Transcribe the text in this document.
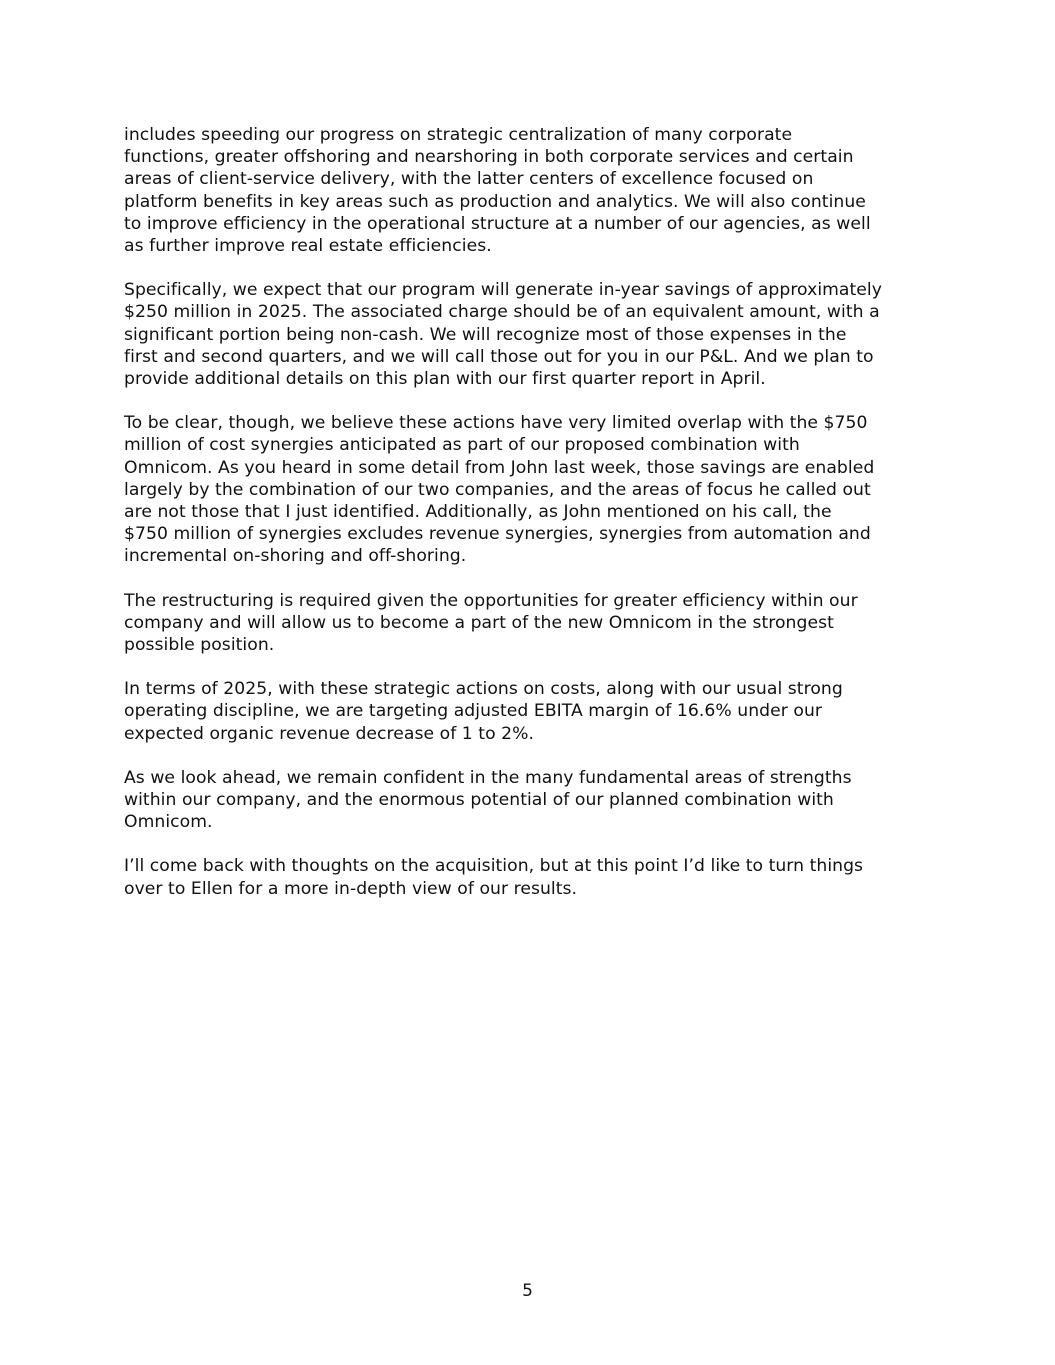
includes speeding our progress on strategic centralization of many corporate
functions, greater offshoring and nearshoring in both corporate services and certain
areas of client-service delivery, with the latter centers of excellence focused on
platform benefits in key areas such as production and analytics. We will also continue
to improve efficiency in the operational structure at a number of our agencies, as well
as further improve real estate efficiencies.

Specifically, we expect that our program will generate in-year savings of approximately
$250 million in 2025. The associated charge should be of an equivalent amount, with a
significant portion being non-cash. We will recognize most of those expenses in the
first and second quarters, and we will call those out for you in our P&L. And we plan to
provide additional details on this plan with our first quarter report in April.

To be clear, though, we believe these actions have very limited overlap with the $750
million of cost synergies anticipated as part of our proposed combination with
Omnicom. As you heard in some detail from John last week, those savings are enabled
largely by the combination of our two companies, and the areas of focus he called out
are not those that I just identified. Additionally, as John mentioned on his call, the
$750 million of synergies excludes revenue synergies, synergies from automation and
incremental on-shoring and off-shoring.

The restructuring is required given the opportunities for greater efficiency within our
company and will allow us to become a part of the new Omnicom in the strongest
possible position.

In terms of 2025, with these strategic actions on costs, along with our usual strong
operating discipline, we are targeting adjusted EBITA margin of 16.6% under our
expected organic revenue decrease of 1 to 2%.

As we look ahead, we remain confident in the many fundamental areas of strengths
within our company, and the enormous potential of our planned combination with
Omnicom.

I’ll come back with thoughts on the acquisition, but at this point I’d like to turn things
over to Ellen for a more in-depth view of our results.

5
